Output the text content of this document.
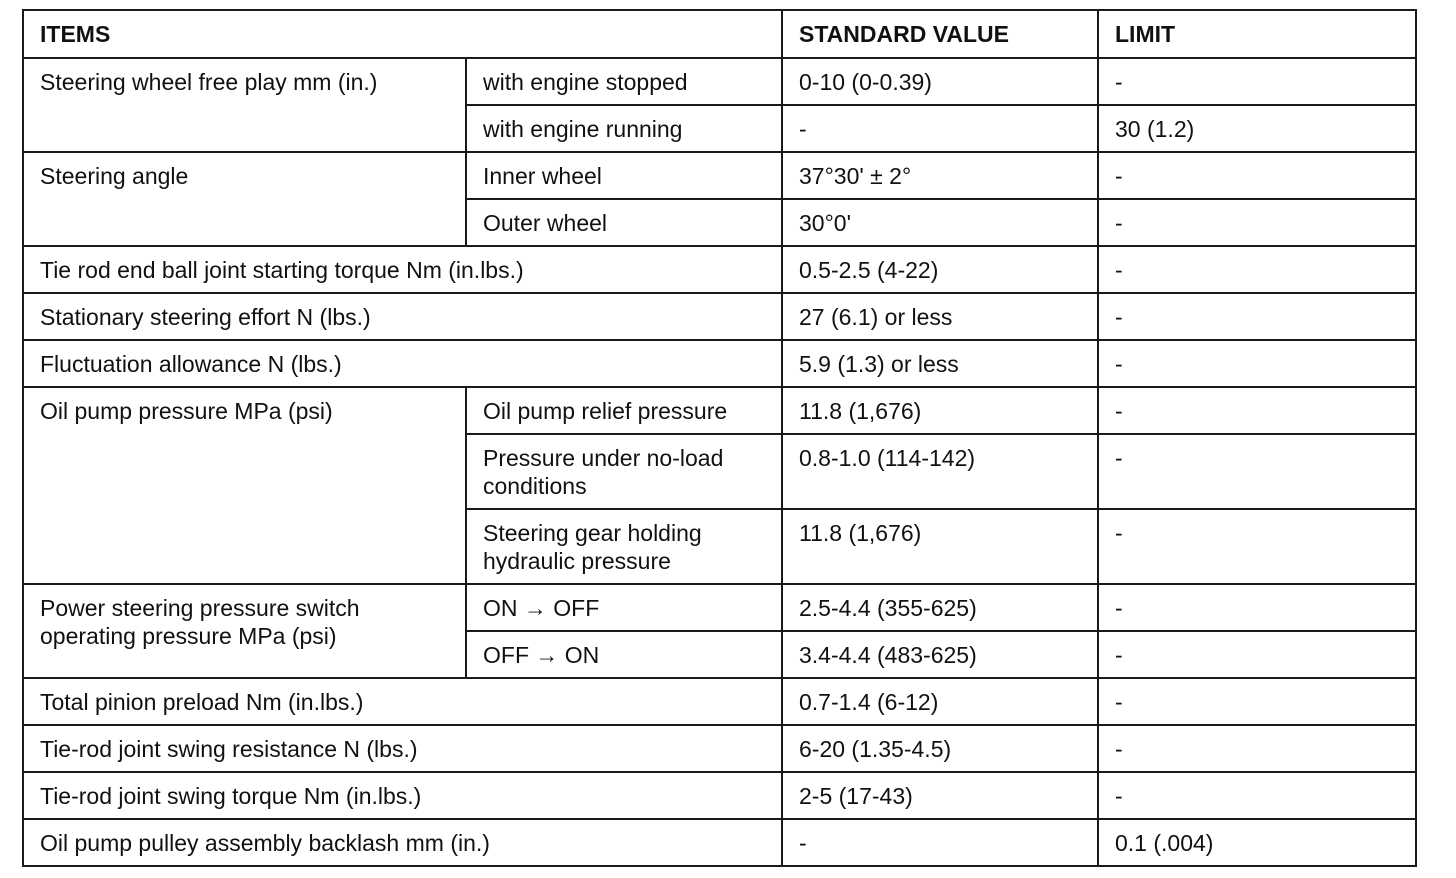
ITEMS		STANDARD VALUE	LIMIT
Steering wheel free play mm (in.)	with engine stopped	0-10 (0-0.39)	-
	with engine running	-	30 (1.2)
Steering angle	Inner wheel	37°30' ± 2°	-
	Outer wheel	30°0'	-
Tie rod end ball joint starting torque Nm (in.lbs.)		0.5-2.5 (4-22)	-
Stationary steering effort N (lbs.)		27 (6.1) or less	-
Fluctuation allowance N (lbs.)		5.9 (1.3) or less	-
Oil pump pressure MPa (psi)	Oil pump relief pressure	11.8 (1,676)	-
	Pressure under no-load conditions	0.8-1.0 (114-142)	-
	Steering gear holding hydraulic pressure	11.8 (1,676)	-
Power steering pressure switch operating pressure MPa (psi)	ON → OFF	2.5-4.4 (355-625)	-
	OFF → ON	3.4-4.4 (483-625)	-
Total pinion preload Nm (in.lbs.)		0.7-1.4 (6-12)	-
Tie-rod joint swing resistance N (lbs.)		6-20 (1.35-4.5)	-
Tie-rod joint swing torque Nm (in.lbs.)		2-5 (17-43)	-
Oil pump pulley assembly backlash mm (in.)		-	0.1 (.004)
